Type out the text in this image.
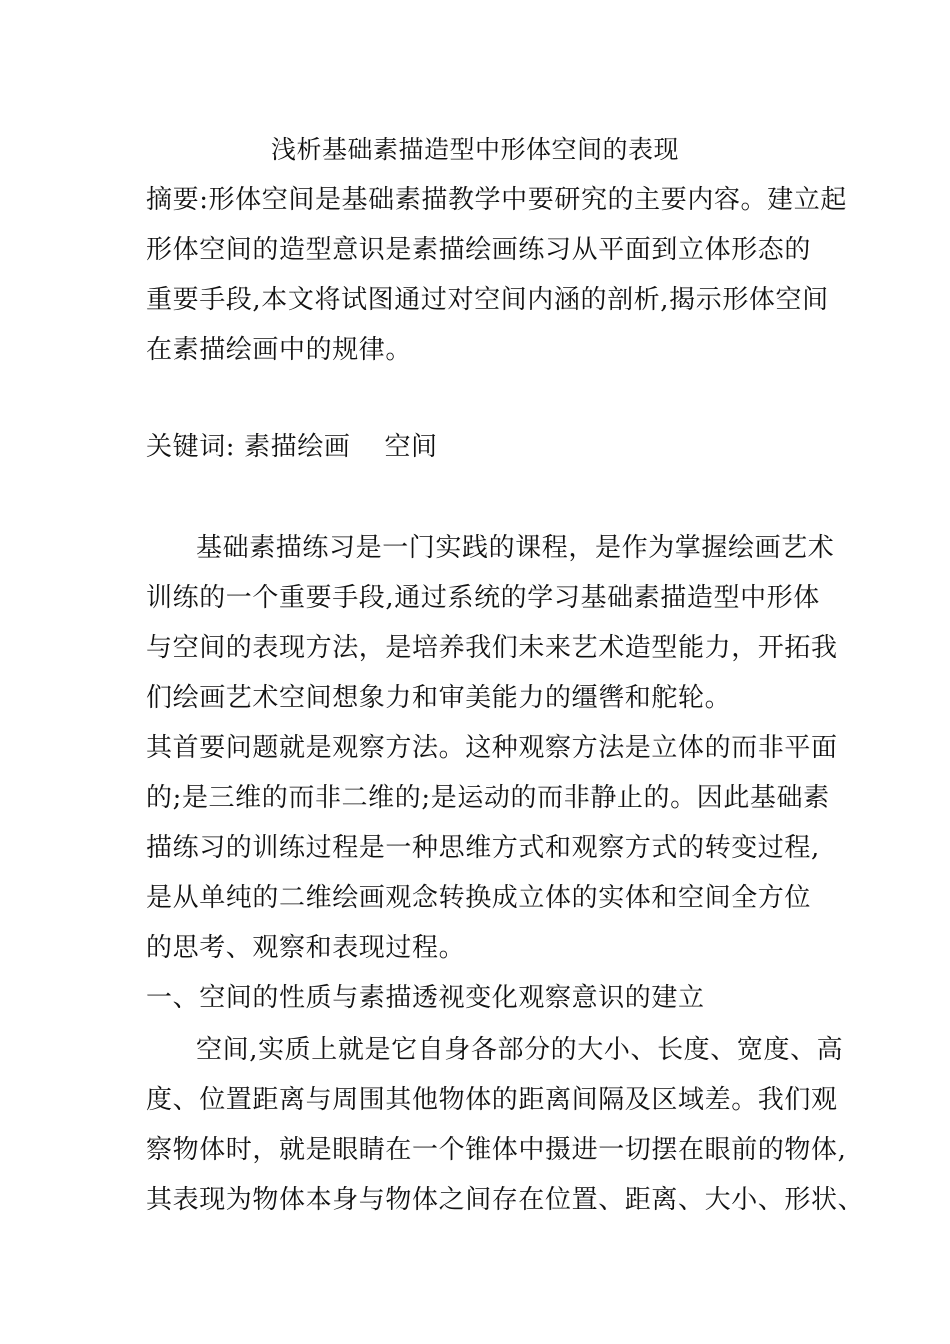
浅析基础素描造型中形体空间的表现

摘要:形体空间是基础素描教学中要研究的主要内容。建立起

形体空间的造型意识是素描绘画练习从平面到立体形态的

重要手段,本文将试图通过对空间内涵的剖析,揭示形体空间

在素描绘画中的规律。

关键词: 素描绘画 空间

基础素描练习是一门实践的课程，是作为掌握绘画艺术

训练的一个重要手段,通过系统的学习基础素描造型中形体

与空间的表现方法，是培养我们未来艺术造型能力，开拓我

们绘画艺术空间想象力和审美能力的缰辔和舵轮。

其首要问题就是观察方法。这种观察方法是立体的而非平面

的;是三维的而非二维的;是运动的而非静止的。因此基础素

描练习的训练过程是一种思维方式和观察方式的转变过程,

是从单纯的二维绘画观念转换成立体的实体和空间全方位

的思考、观察和表现过程。

一、空间的性质与素描透视变化观察意识的建立

空间,实质上就是它自身各部分的大小、长度、宽度、高

度、位置距离与周围其他物体的距离间隔及区域差。我们观

察物体时，就是眼睛在一个锥体中摄进一切摆在眼前的物体,

其表现为物体本身与物体之间存在位置、距离、大小、形状、
